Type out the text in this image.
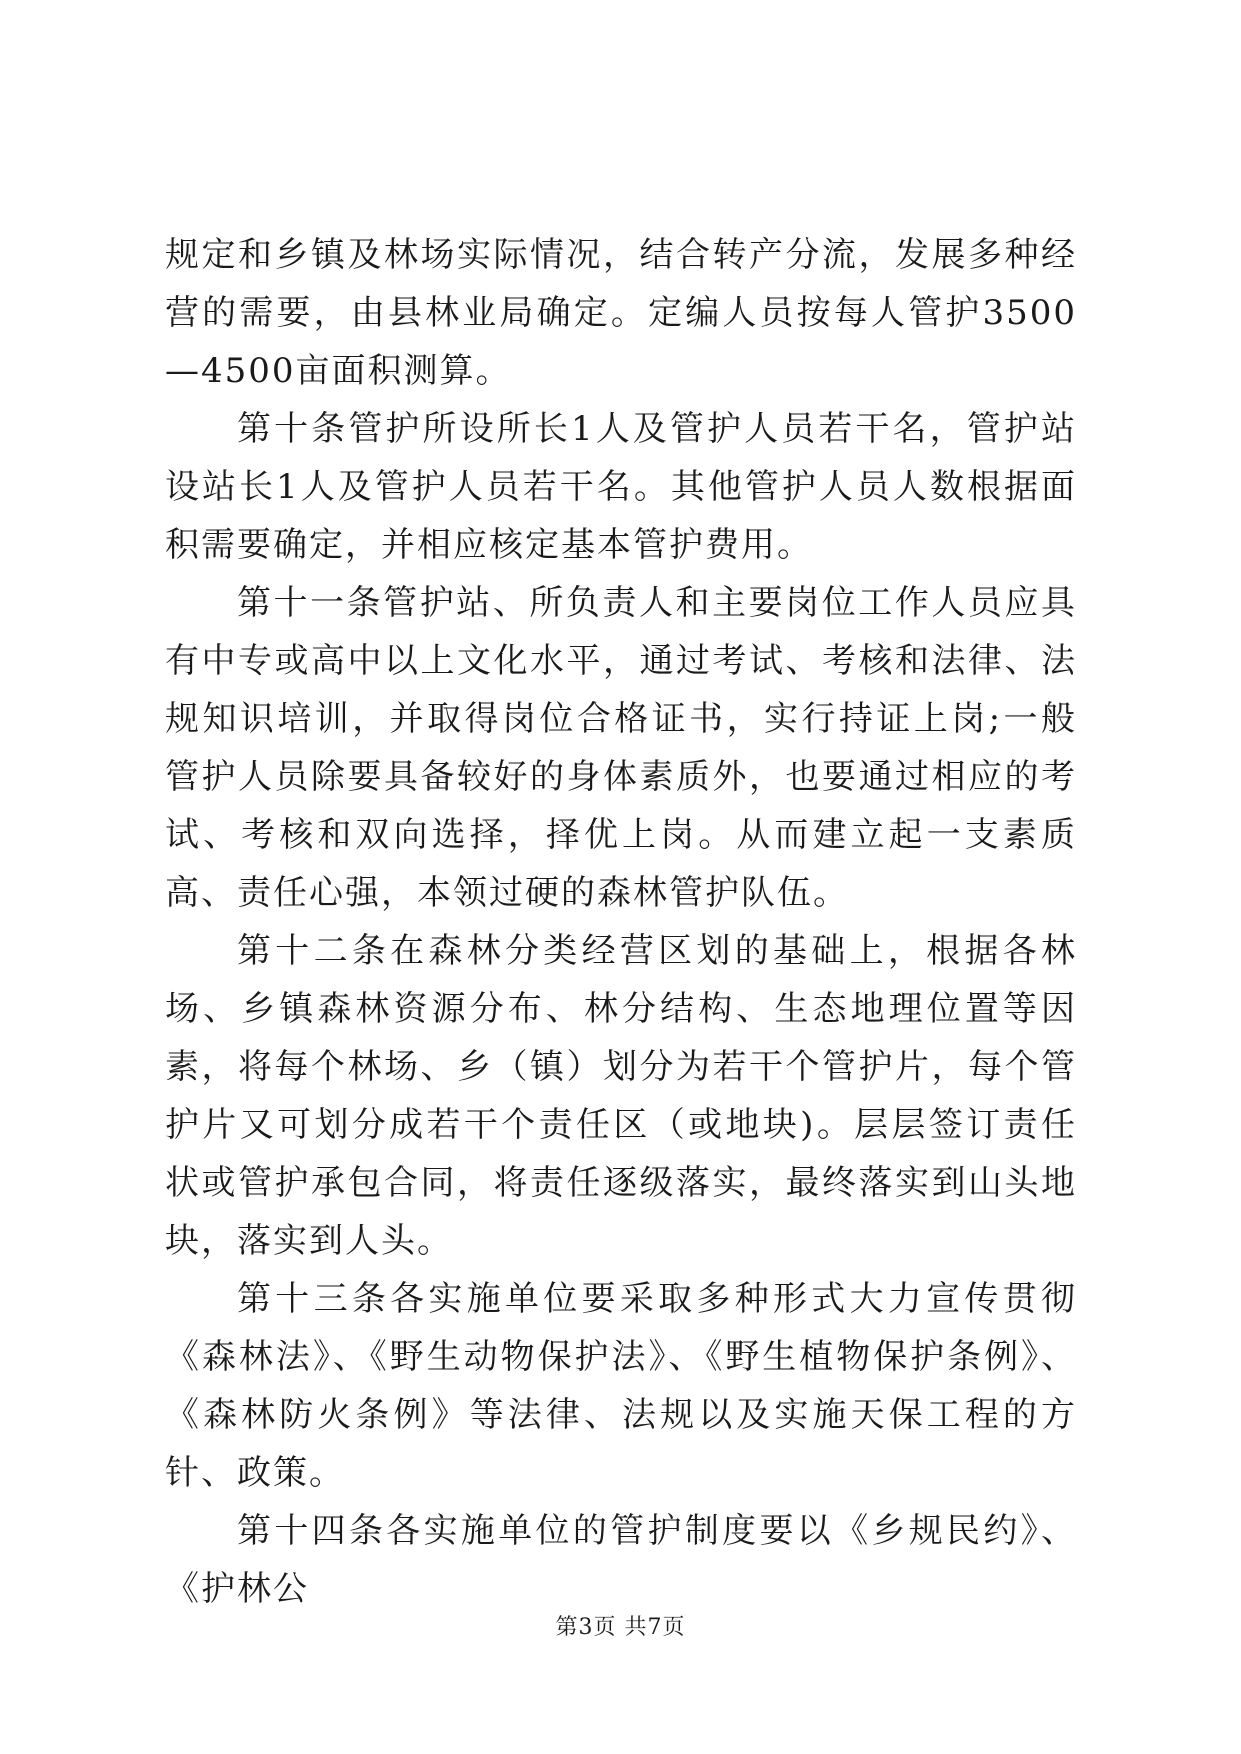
规定和乡镇及林场实际情况，结合转产分流，发展多种经营的需要，由县林业局确定。定编人员按每人管护3500—4500亩面积测算。

第十条管护所设所长1人及管护人员若干名，管护站设站长1人及管护人员若干名。其他管护人员人数根据面积需要确定，并相应核定基本管护费用。

第十一条管护站、所负责人和主要岗位工作人员应具有中专或高中以上文化水平，通过考试、考核和法律、法规知识培训，并取得岗位合格证书，实行持证上岗;一般管护人员除要具备较好的身体素质外，也要通过相应的考试、考核和双向选择，择优上岗。从而建立起一支素质高、责任心强，本领过硬的森林管护队伍。

第十二条在森林分类经营区划的基础上，根据各林场、乡镇森林资源分布、林分结构、生态地理位置等因素，将每个林场、乡（镇）划分为若干个管护片，每个管护片又可划分成若干个责任区（或地块)。层层签订责任状或管护承包合同，将责任逐级落实，最终落实到山头地块，落实到人头。

第十三条各实施单位要采取多种形式大力宣传贯彻《森林法》、《野生动物保护法》、《野生植物保护条例》、《森林防火条例》等法律、法规以及实施天保工程的方针、政策。

第十四条各实施单位的管护制度要以《乡规民约》、《护林公

第3页 共7页
